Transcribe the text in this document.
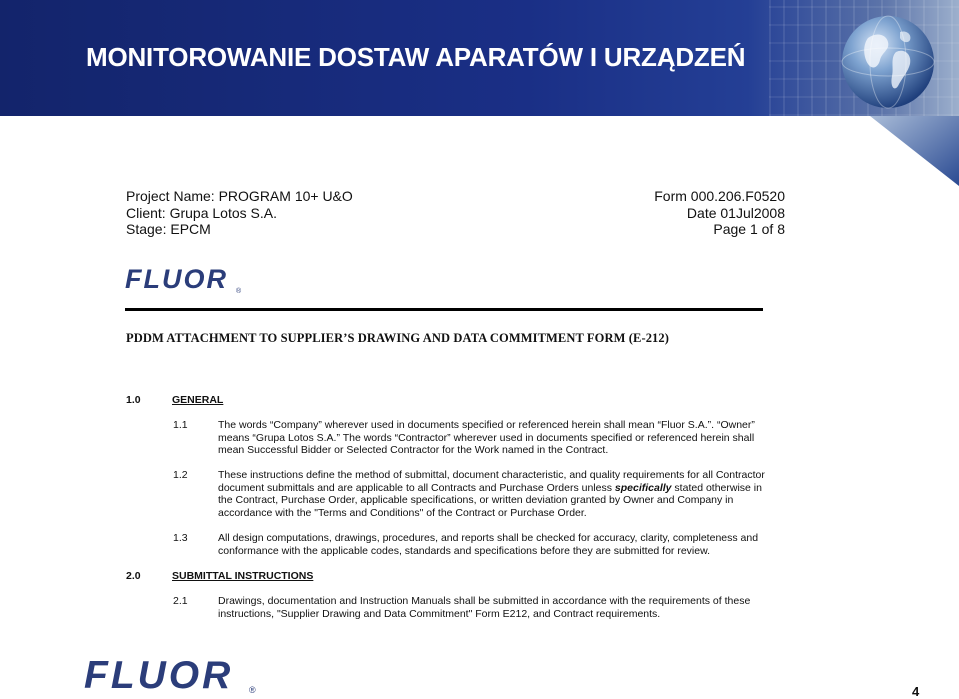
MONITOROWANIE DOSTAW APARATÓW I URZĄDZEŃ
Project Name: PROGRAM 10+ U&O
Client: Grupa Lotos S.A.
Stage: EPCM
Form 000.206.F0520
Date 01Jul2008
Page 1 of 8
FLUOR ®
PDDM ATTACHMENT TO SUPPLIER’S DRAWING AND DATA COMMITMENT FORM (E-212)
1.0	GENERAL
1.1	The words “Company” wherever used in documents specified or referenced herein shall mean “Fluor S.A.”. “Owner” means “Grupa Lotos S.A.” The words “Contractor” wherever used in documents specified or referenced herein shall mean Successful Bidder or Selected Contractor for the Work named in the Contract.
1.2	These instructions define the method of submittal, document characteristic, and quality requirements for all Contractor document submittals and are applicable to all Contracts and Purchase Orders unless specifically stated otherwise in the Contract, Purchase Order, applicable specifications, or written deviation granted by Owner and Company in accordance with the "Terms and Conditions" of the Contract or Purchase Order.
1.3	All design computations, drawings, procedures, and reports shall be checked for accuracy, clarity, completeness and conformance with the applicable codes, standards and specifications before they are submitted for review.
2.0	SUBMITTAL INSTRUCTIONS
2.1	Drawings, documentation and Instruction Manuals shall be submitted in accordance with the requirements of these instructions, "Supplier Drawing and Data Commitment" Form E212, and Contract requirements.
FLUOR ®	4
